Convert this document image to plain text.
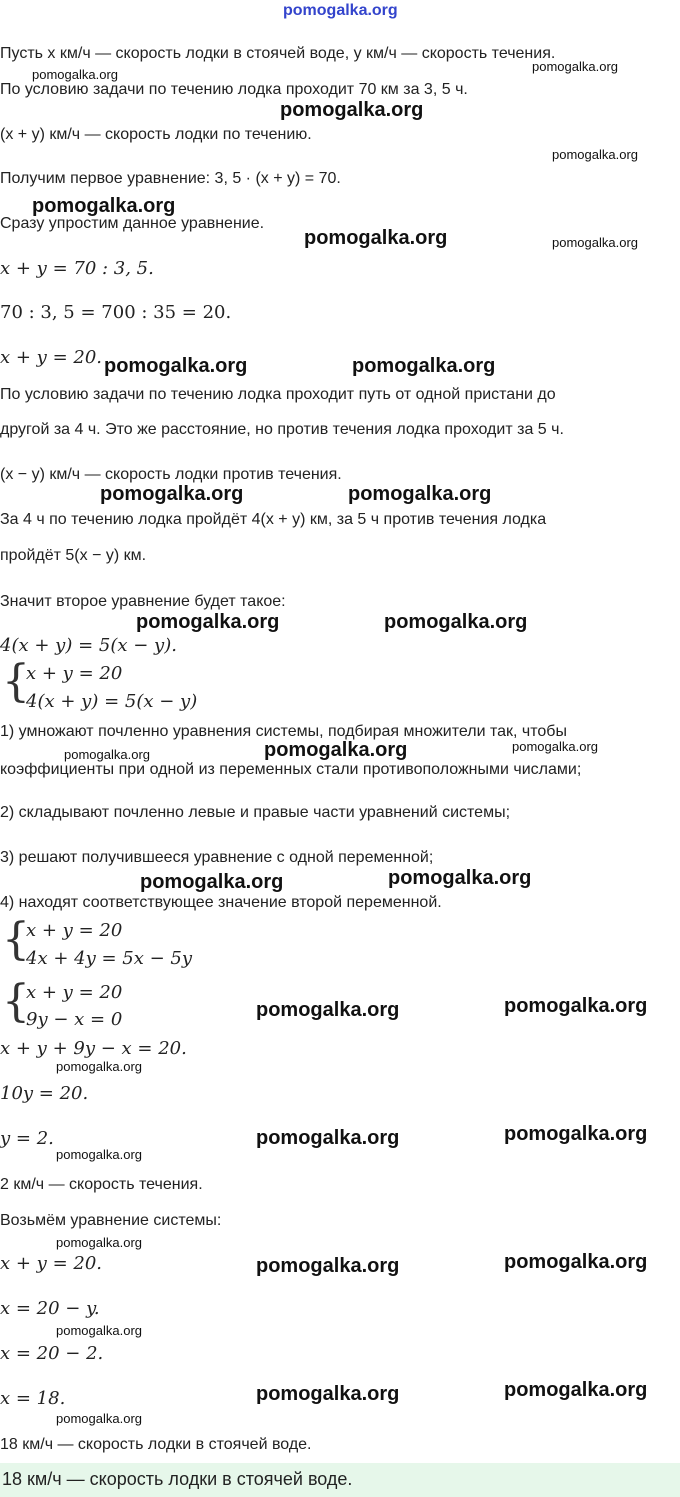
pomogalka.org
Пусть x км/ч — скорость лодки в стоячей воде, y км/ч — скорость течения.
По условию задачи по течению лодка проходит 70 км за 3, 5 ч.
(x + y) км/ч — скорость лодки по течению.
Получим первое уравнение: 3, 5 · (x + y) = 70.
Сразу упростим данное уравнение.
x + y = 70 : 3, 5.
70 : 3, 5 = 700 : 35 = 20.
x + y = 20.
По условию задачи по течению лодка проходит путь от одной пристани до
другой за 4 ч. Это же расстояние, но против течения лодка проходит за 5 ч.
(x − y) км/ч — скорость лодки против течения.
За 4 ч по течению лодка пройдёт 4(x + y) км, за 5 ч против течения лодка
пройдёт 5(x − y) км.
Значит второе уравнение будет такое:
4(x + y) = 5(x − y).
{
x + y = 20
4(x + y) = 5(x − y)
1) умножают почленно уравнения системы, подбирая множители так, чтобы
коэффициенты при одной из переменных стали противоположными числами;
2) складывают почленно левые и правые части уравнений системы;
3) решают получившееся уравнение с одной переменной;
4) находят соответствующее значение второй переменной.
{
x + y = 20
4x + 4y = 5x − 5y
{
x + y = 20
9y − x = 0
x + y + 9y − x = 20.
10y = 20.
y = 2.
2 км/ч — скорость течения.
Возьмём уравнение системы:
x + y = 20.
x = 20 − y.
x = 20 − 2.
x = 18.
18 км/ч — скорость лодки в стоячей воде.
18 км/ч — скорость лодки в стоячей воде.
pomogalka.org
pomogalka.org
pomogalka.org
pomogalka.org
pomogalka.org
pomogalka.org	pomogalka.org
pomogalka.org	pomogalka.org
pomogalka.org	pomogalka.org
pomogalka.org	pomogalka.org
pomogalka.org	pomogalka.org	pomogalka.org
pomogalka.org	pomogalka.org
pomogalka.org	pomogalka.org
pomogalka.org
pomogalka.org	pomogalka.org
pomogalka.org
pomogalka.org
pomogalka.org	pomogalka.org
pomogalka.org
pomogalka.org	pomogalka.org
pomogalka.org
